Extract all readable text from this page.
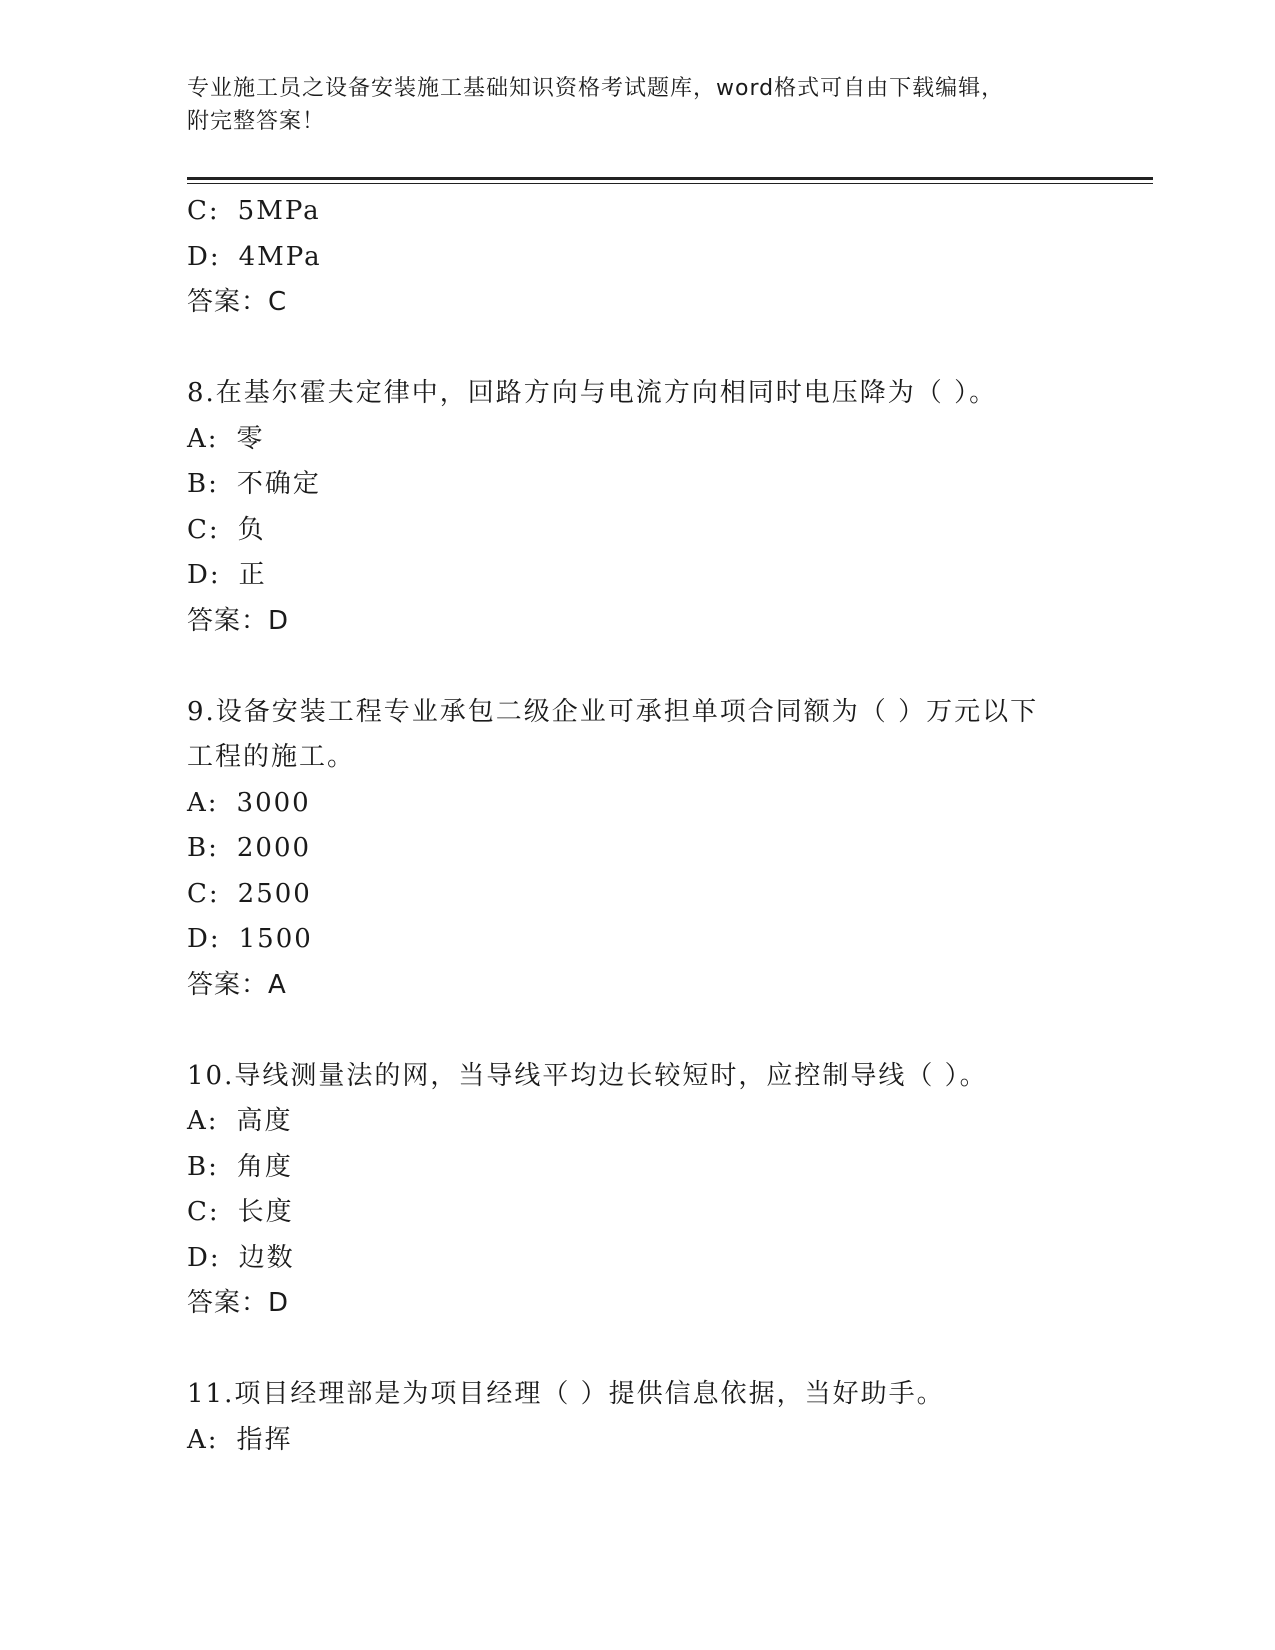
专业施工员之设备安装施工基础知识资格考试题库，word格式可自由下载编辑，
附完整答案！
C: 5MPa
D: 4MPa
答案：C
8.在基尔霍夫定律中，回路方向与电流方向相同时电压降为（ ）。
A: 零
B: 不确定
C: 负
D: 正
答案：D
9.设备安装工程专业承包二级企业可承担单项合同额为（ ）万元以下工程的施工。
A: 3000
B: 2000
C: 2500
D: 1500
答案：A
10.导线测量法的网，当导线平均边长较短时，应控制导线（ ）。
A: 高度
B: 角度
C: 长度
D: 边数
答案：D
11.项目经理部是为项目经理（ ）提供信息依据，当好助手。
A: 指挥
